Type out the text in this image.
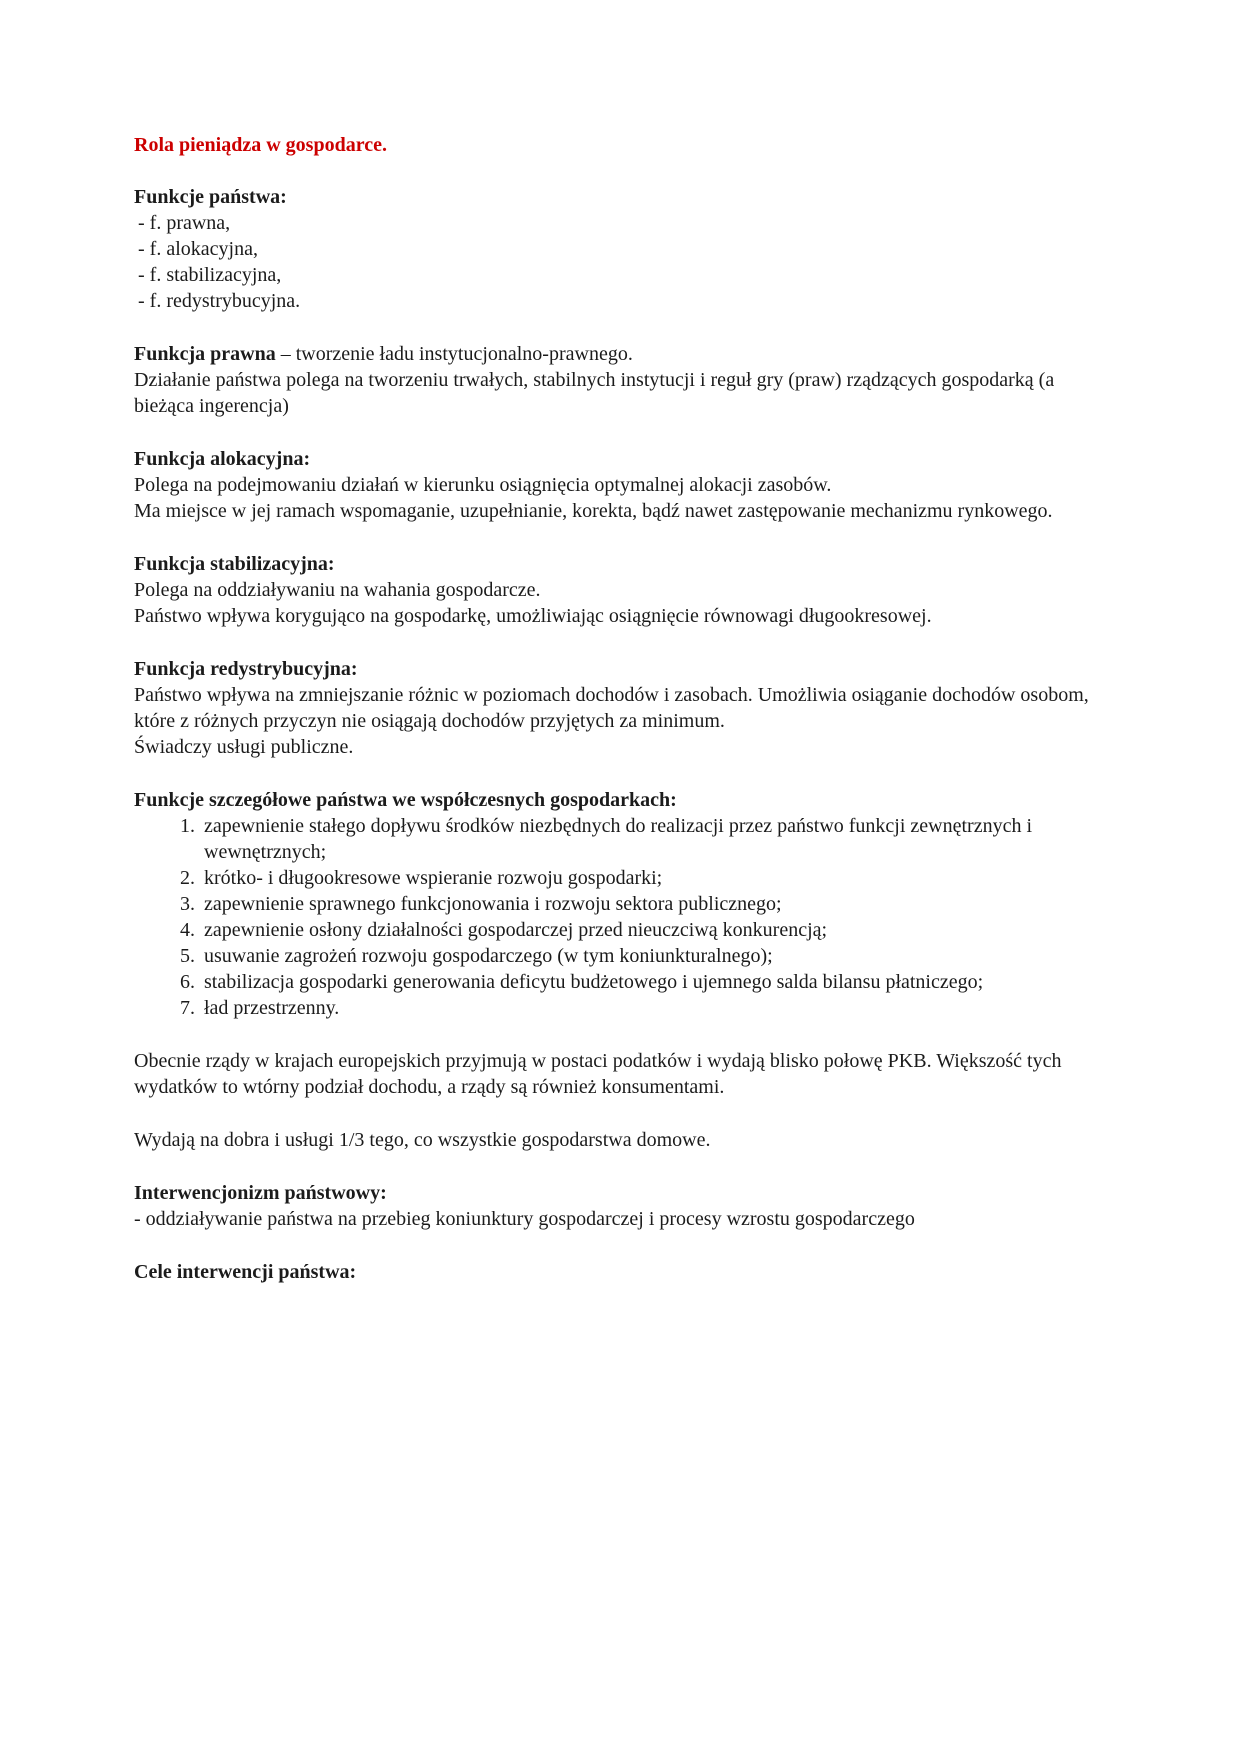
Rola pieniądza w gospodarce.

Funkcje państwa:

- f. prawna,

- f. alokacyjna,

- f. stabilizacyjna,

- f. redystrybucyjna.

Funkcja prawna – tworzenie ładu instytucjonalno-prawnego.

Działanie państwa polega na tworzeniu trwałych, stabilnych instytucji i reguł gry (praw) rządzących gospodarką (a bieżąca ingerencja)

Funkcja alokacyjna:

Polega na podejmowaniu działań w kierunku osiągnięcia optymalnej alokacji zasobów.

Ma miejsce w jej ramach wspomaganie, uzupełnianie, korekta, bądź nawet zastępowanie mechanizmu rynkowego.

Funkcja stabilizacyjna:

Polega na oddziaływaniu na wahania gospodarcze.

Państwo wpływa korygująco na gospodarkę, umożliwiając osiągnięcie równowagi długookresowej.

Funkcja redystrybucyjna:

Państwo wpływa na zmniejszanie różnic w poziomach dochodów i zasobach. Umożliwia osiąganie dochodów osobom, które z różnych przyczyn nie osiągają dochodów przyjętych za minimum.

Świadczy usługi publiczne.

Funkcje szczegółowe państwa we współczesnych gospodarkach:

1. zapewnienie stałego dopływu środków niezbędnych do realizacji przez państwo funkcji zewnętrznych i wewnętrznych;
2. krótko- i długookresowe wspieranie rozwoju gospodarki;
3. zapewnienie sprawnego funkcjonowania i rozwoju sektora publicznego;
4. zapewnienie osłony działalności gospodarczej przed nieuczciwą konkurencją;
5. usuwanie zagrożeń rozwoju gospodarczego (w tym koniunkturalnego);
6. stabilizacja gospodarki generowania deficytu budżetowego i ujemnego salda bilansu płatniczego;
7. ład przestrzenny.

Obecnie rządy w krajach europejskich przyjmują w postaci podatków i wydają blisko połowę PKB. Większość tych wydatków to wtórny podział dochodu, a rządy są również konsumentami.

Wydają na dobra i usługi 1/3 tego, co wszystkie gospodarstwa domowe.

Interwencjonizm państwowy:

- oddziaływanie państwa na przebieg koniunktury gospodarczej i procesy wzrostu gospodarczego

Cele interwencji państwa:
